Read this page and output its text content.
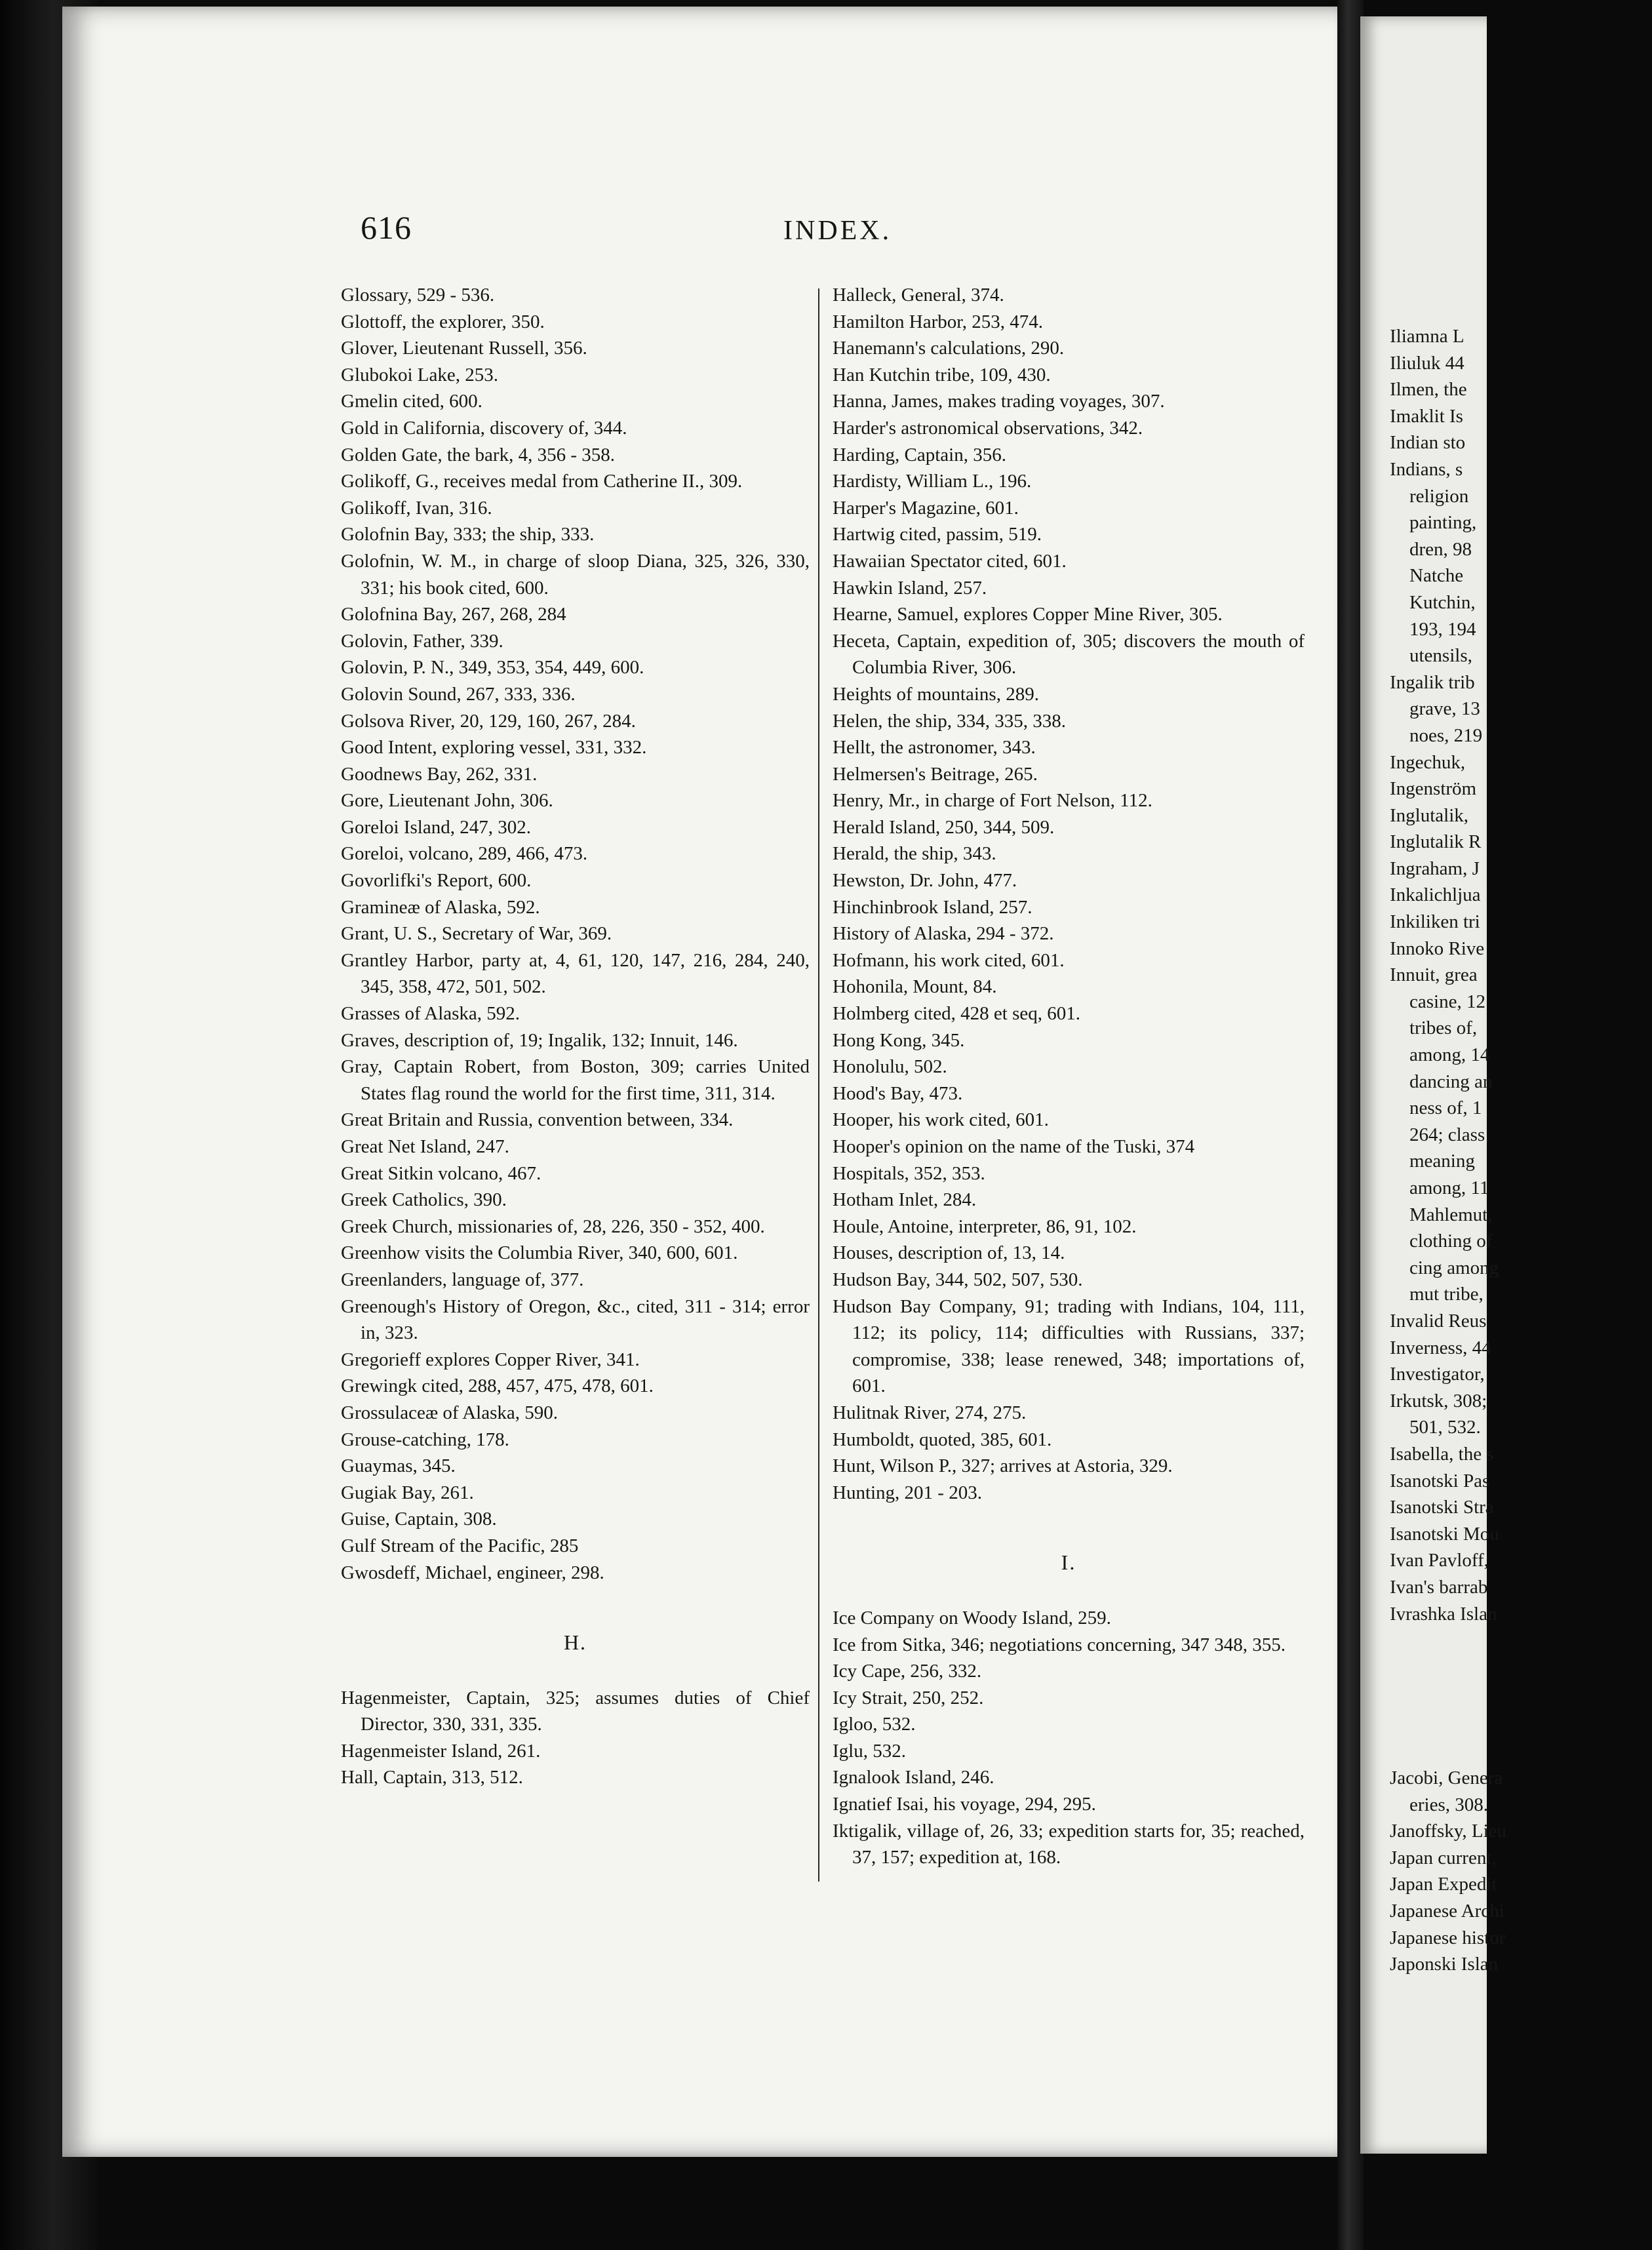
Iliamna L

Iliuluk 44

Ilmen, the

Imaklit Is

Indian sto

Indians, s

religion

painting,

dren, 98

Natche

Kutchin,

193, 194

utensils,

Ingalik trib

grave, 13

noes, 219

Ingechuk,

Ingenström

Inglutalik,

Inglutalik R

Ingraham, J

Inkalichljua

Inkiliken tri

Innoko Rive

Innuit, grea

casine, 12

tribes of,

among, 14

dancing an

ness of, 1

264; class

meaning

among, 11

Mahlemut,

clothing of

cing among

mut tribe,

Invalid Reus

Inverness, 44

Investigator,

Irkutsk, 308;

501, 532.

Isabella, the s

Isanotski Pas

Isanotski Stra

Isanotski Mou

Ivan Pavloff,

Ivan's barrab

Ivrashka Islan

Jacobi, Genera

eries, 308.

Janoffsky, Lieu

Japan current,

Japan Expedit

Japanese Archi

Japanese histor

Japonski Islan

616	INDEX.

Glossary, 529 - 536.

Glottoff, the explorer, 350.

Glover, Lieutenant Russell, 356.

Glubokoi Lake, 253.

Gmelin cited, 600.

Gold in California, discovery of, 344.

Golden Gate, the bark, 4, 356 - 358.

Golikoff, G., receives medal from Catherine II., 309.

Golikoff, Ivan, 316.

Golofnin Bay, 333; the ship, 333.

Golofnin, W. M., in charge of sloop Diana, 325, 326, 330, 331; his book cited, 600.

Golofnina Bay, 267, 268, 284

Golovin, Father, 339.

Golovin, P. N., 349, 353, 354, 449, 600.

Golovin Sound, 267, 333, 336.

Golsova River, 20, 129, 160, 267, 284.

Good Intent, exploring vessel, 331, 332.

Goodnews Bay, 262, 331.

Gore, Lieutenant John, 306.

Goreloi Island, 247, 302.

Goreloi, volcano, 289, 466, 473.

Govorlifki's Report, 600.

Gramineæ of Alaska, 592.

Grant, U. S., Secretary of War, 369.

Grantley Harbor, party at, 4, 61, 120, 147, 216, 284, 240, 345, 358, 472, 501, 502.

Grasses of Alaska, 592.

Graves, description of, 19; Ingalik, 132; Innuit, 146.

Gray, Captain Robert, from Boston, 309; carries United States flag round the world for the first time, 311, 314.

Great Britain and Russia, convention between, 334.

Great Net Island, 247.

Great Sitkin volcano, 467.

Greek Catholics, 390.

Greek Church, missionaries of, 28, 226, 350 - 352, 400.

Greenhow visits the Columbia River, 340, 600, 601.

Greenlanders, language of, 377.

Greenough's History of Oregon, &c., cited, 311 - 314; error in, 323.

Gregorieff explores Copper River, 341.

Grewingk cited, 288, 457, 475, 478, 601.

Grossulaceæ of Alaska, 590.

Grouse-catching, 178.

Guaymas, 345.

Gugiak Bay, 261.

Guise, Captain, 308.

Gulf Stream of the Pacific, 285

Gwosdeff, Michael, engineer, 298.

H.

Hagenmeister, Captain, 325; assumes duties of Chief Director, 330, 331, 335.

Hagenmeister Island, 261.

Hall, Captain, 313, 512.

Halleck, General, 374.

Hamilton Harbor, 253, 474.

Hanemann's calculations, 290.

Han Kutchin tribe, 109, 430.

Hanna, James, makes trading voyages, 307.

Harder's astronomical observations, 342.

Harding, Captain, 356.

Hardisty, William L., 196.

Harper's Magazine, 601.

Hartwig cited, passim, 519.

Hawaiian Spectator cited, 601.

Hawkin Island, 257.

Hearne, Samuel, explores Copper Mine River, 305.

Heceta, Captain, expedition of, 305; discovers the mouth of Columbia River, 306.

Heights of mountains, 289.

Helen, the ship, 334, 335, 338.

Hellt, the astronomer, 343.

Helmersen's Beitrage, 265.

Henry, Mr., in charge of Fort Nelson, 112.

Herald Island, 250, 344, 509.

Herald, the ship, 343.

Hewston, Dr. John, 477.

Hinchinbrook Island, 257.

History of Alaska, 294 - 372.

Hofmann, his work cited, 601.

Hohonila, Mount, 84.

Holmberg cited, 428 et seq, 601.

Hong Kong, 345.

Honolulu, 502.

Hood's Bay, 473.

Hooper, his work cited, 601.

Hooper's opinion on the name of the Tuski, 374

Hospitals, 352, 353.

Hotham Inlet, 284.

Houle, Antoine, interpreter, 86, 91, 102.

Houses, description of, 13, 14.

Hudson Bay, 344, 502, 507, 530.

Hudson Bay Company, 91; trading with Indians, 104, 111, 112; its policy, 114; difficulties with Russians, 337; compromise, 338; lease renewed, 348; importations of, 601.

Hulitnak River, 274, 275.

Humboldt, quoted, 385, 601.

Hunt, Wilson P., 327; arrives at Astoria, 329.

Hunting, 201 - 203.

I.

Ice Company on Woody Island, 259.

Ice from Sitka, 346; negotiations concerning, 347 348, 355.

Icy Cape, 256, 332.

Icy Strait, 250, 252.

Igloo, 532.

Iglu, 532.

Ignalook Island, 246.

Ignatief Isai, his voyage, 294, 295.

Iktigalik, village of, 26, 33; expedition starts for, 35; reached, 37, 157; expedition at, 168.
